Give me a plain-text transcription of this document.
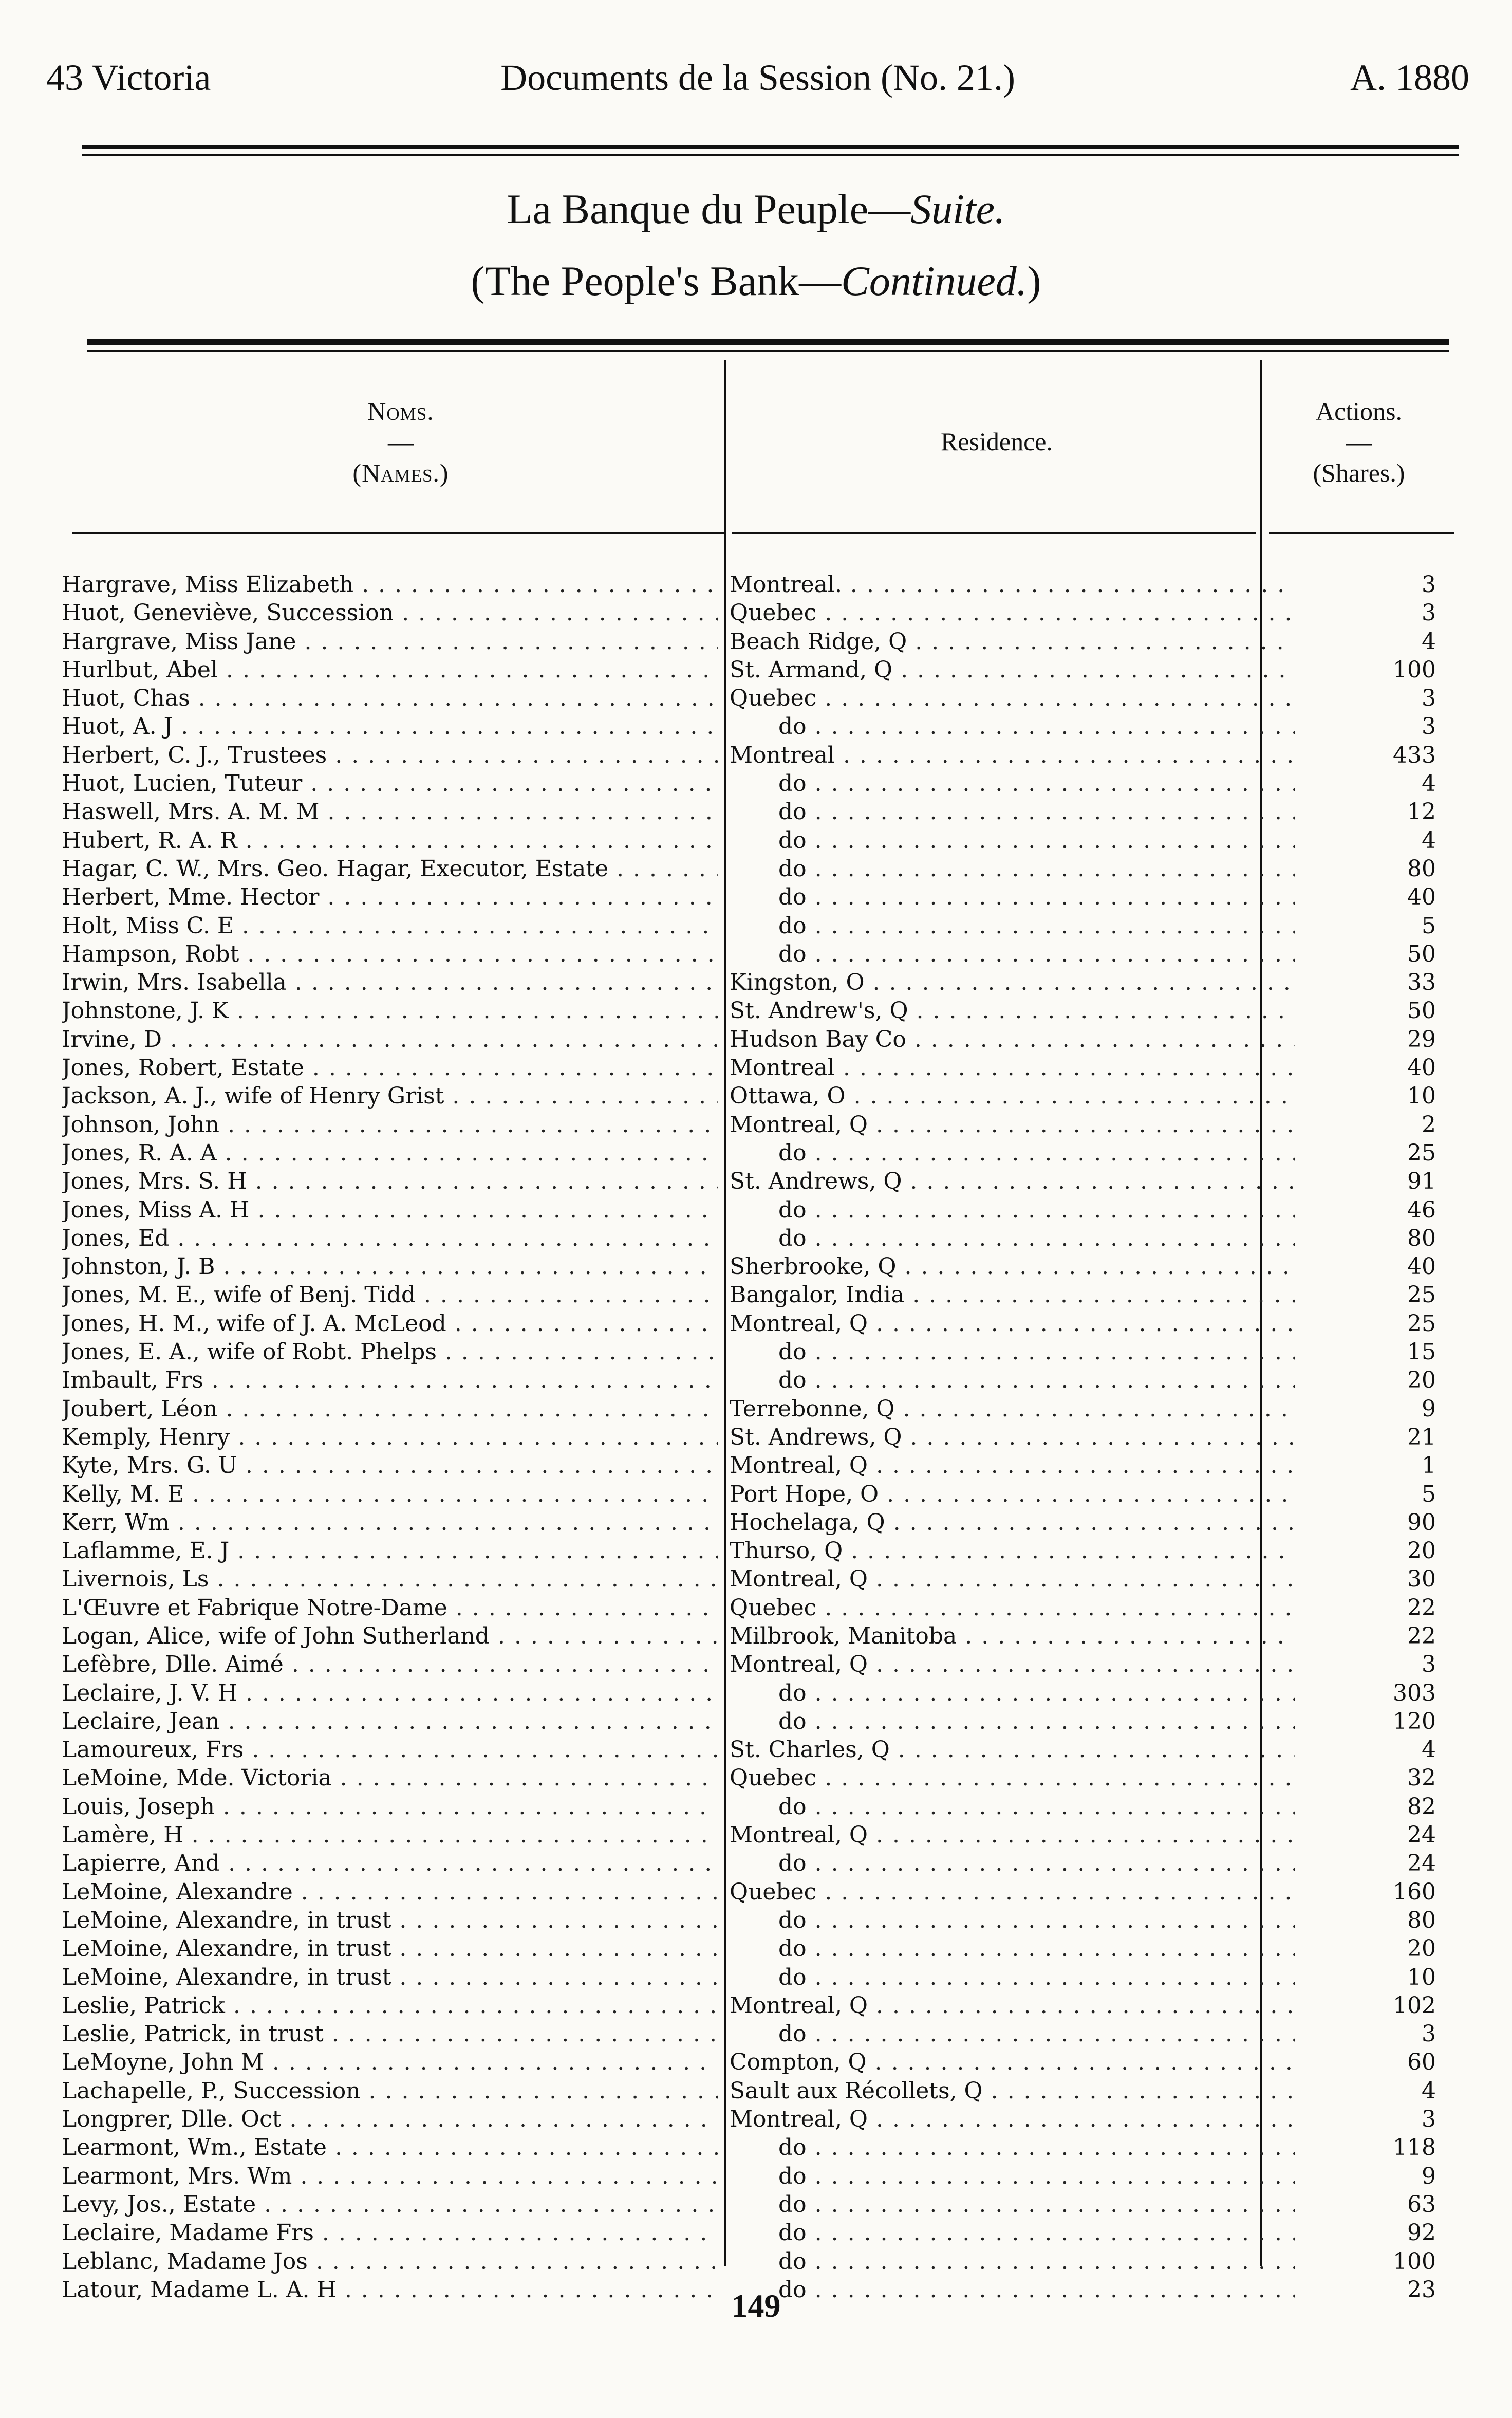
43 Victoria	Documents de la Session (No. 21.)	A. 1880
La Banque du Peuple—Suite.
(The People's Bank—Continued.)
Noms.
—
(Names.)
Residence.
Actions.
—
(Shares.)
Hargrave, Miss Elizabeth . . .	Montreal. . . .	3
Huot, Geneviève, Succession . . .	Quebec . . .	3
Hargrave, Miss Jane . . .	Beach Ridge, Q . . .	4
Hurlbut, Abel . . .	St. Armand, Q . . .	100
Huot, Chas . . .	Quebec . . .	3
Huot, A. J . . .	do . . .	3
Herbert, C. J., Trustees . . .	Montreal . . .	433
Huot, Lucien, Tuteur . . .	do . . .	4
Haswell, Mrs. A. M. M . . .	do . . .	12
Hubert, R. A. R . . .	do . . .	4
Hagar, C. W., Mrs. Geo. Hagar, Executor, Estate . . .	do . . .	80
Herbert, Mme. Hector . . .	do . . .	40
Holt, Miss C. E . . .	do . . .	5
Hampson, Robt . . .	do . . .	50
Irwin, Mrs. Isabella . . .	Kingston, O . . .	33
Johnstone, J. K . . .	St. Andrew's, Q . . .	50
Irvine, D . . .	Hudson Bay Co . . .	29
Jones, Robert, Estate . . .	Montreal . . .	40
Jackson, A. J., wife of Henry Grist . . .	Ottawa, O . . .	10
Johnson, John . . .	Montreal, Q . . .	2
Jones, R. A. A . . .	do . . .	25
Jones, Mrs. S. H . . .	St. Andrews, Q . . .	91
Jones, Miss A. H . . .	do . . .	46
Jones, Ed . . .	do . . .	80
Johnston, J. B . . .	Sherbrooke, Q . . .	40
Jones, M. E., wife of Benj. Tidd . . .	Bangalor, India . . .	25
Jones, H. M., wife of J. A. McLeod . . .	Montreal, Q . . .	25
Jones, E. A., wife of Robt. Phelps . . .	do . . .	15
Imbault, Frs . . .	do . . .	20
Joubert, Léon . . .	Terrebonne, Q . . .	9
Kemply, Henry . . .	St. Andrews, Q . . .	21
Kyte, Mrs. G. U . . .	Montreal, Q . . .	1
Kelly, M. E . . .	Port Hope, O . . .	5
Kerr, Wm . . .	Hochelaga, Q . . .	90
Laflamme, E. J . . .	Thurso, Q . . .	20
Livernois, Ls . . .	Montreal, Q . . .	30
L'Œuvre et Fabrique Notre-Dame . . .	Quebec . . .	22
Logan, Alice, wife of John Sutherland . . .	Milbrook, Manitoba . . .	22
Lefèbre, Dlle. Aimé . . .	Montreal, Q . . .	3
Leclaire, J. V. H . . .	do . . .	303
Leclaire, Jean . . .	do . . .	120
Lamoureux, Frs . . .	St. Charles, Q . . .	4
LeMoine, Mde. Victoria . . .	Quebec . . .	32
Louis, Joseph . . .	do . . .	82
Lamère, H . . .	Montreal, Q . . .	24
Lapierre, And . . .	do . . .	24
LeMoine, Alexandre . . .	Quebec . . .	160
LeMoine, Alexandre, in trust . . .	do . . .	80
LeMoine, Alexandre, in trust . . .	do . . .	20
LeMoine, Alexandre, in trust . . .	do . . .	10
Leslie, Patrick . . .	Montreal, Q . . .	102
Leslie, Patrick, in trust . . .	do . . .	3
LeMoyne, John M . . .	Compton, Q . . .	60
Lachapelle, P., Succession . . .	Sault aux Récollets, Q . . .	4
Longprer, Dlle. Oct . . .	Montreal, Q . . .	3
Learmont, Wm., Estate . . .	do . . .	118
Learmont, Mrs. Wm . . .	do . . .	9
Levy, Jos., Estate . . .	do . . .	63
Leclaire, Madame Frs . . .	do . . .	92
Leblanc, Madame Jos . . .	do . . .	100
Latour, Madame L. A. H . . .	do . . .	23
149
